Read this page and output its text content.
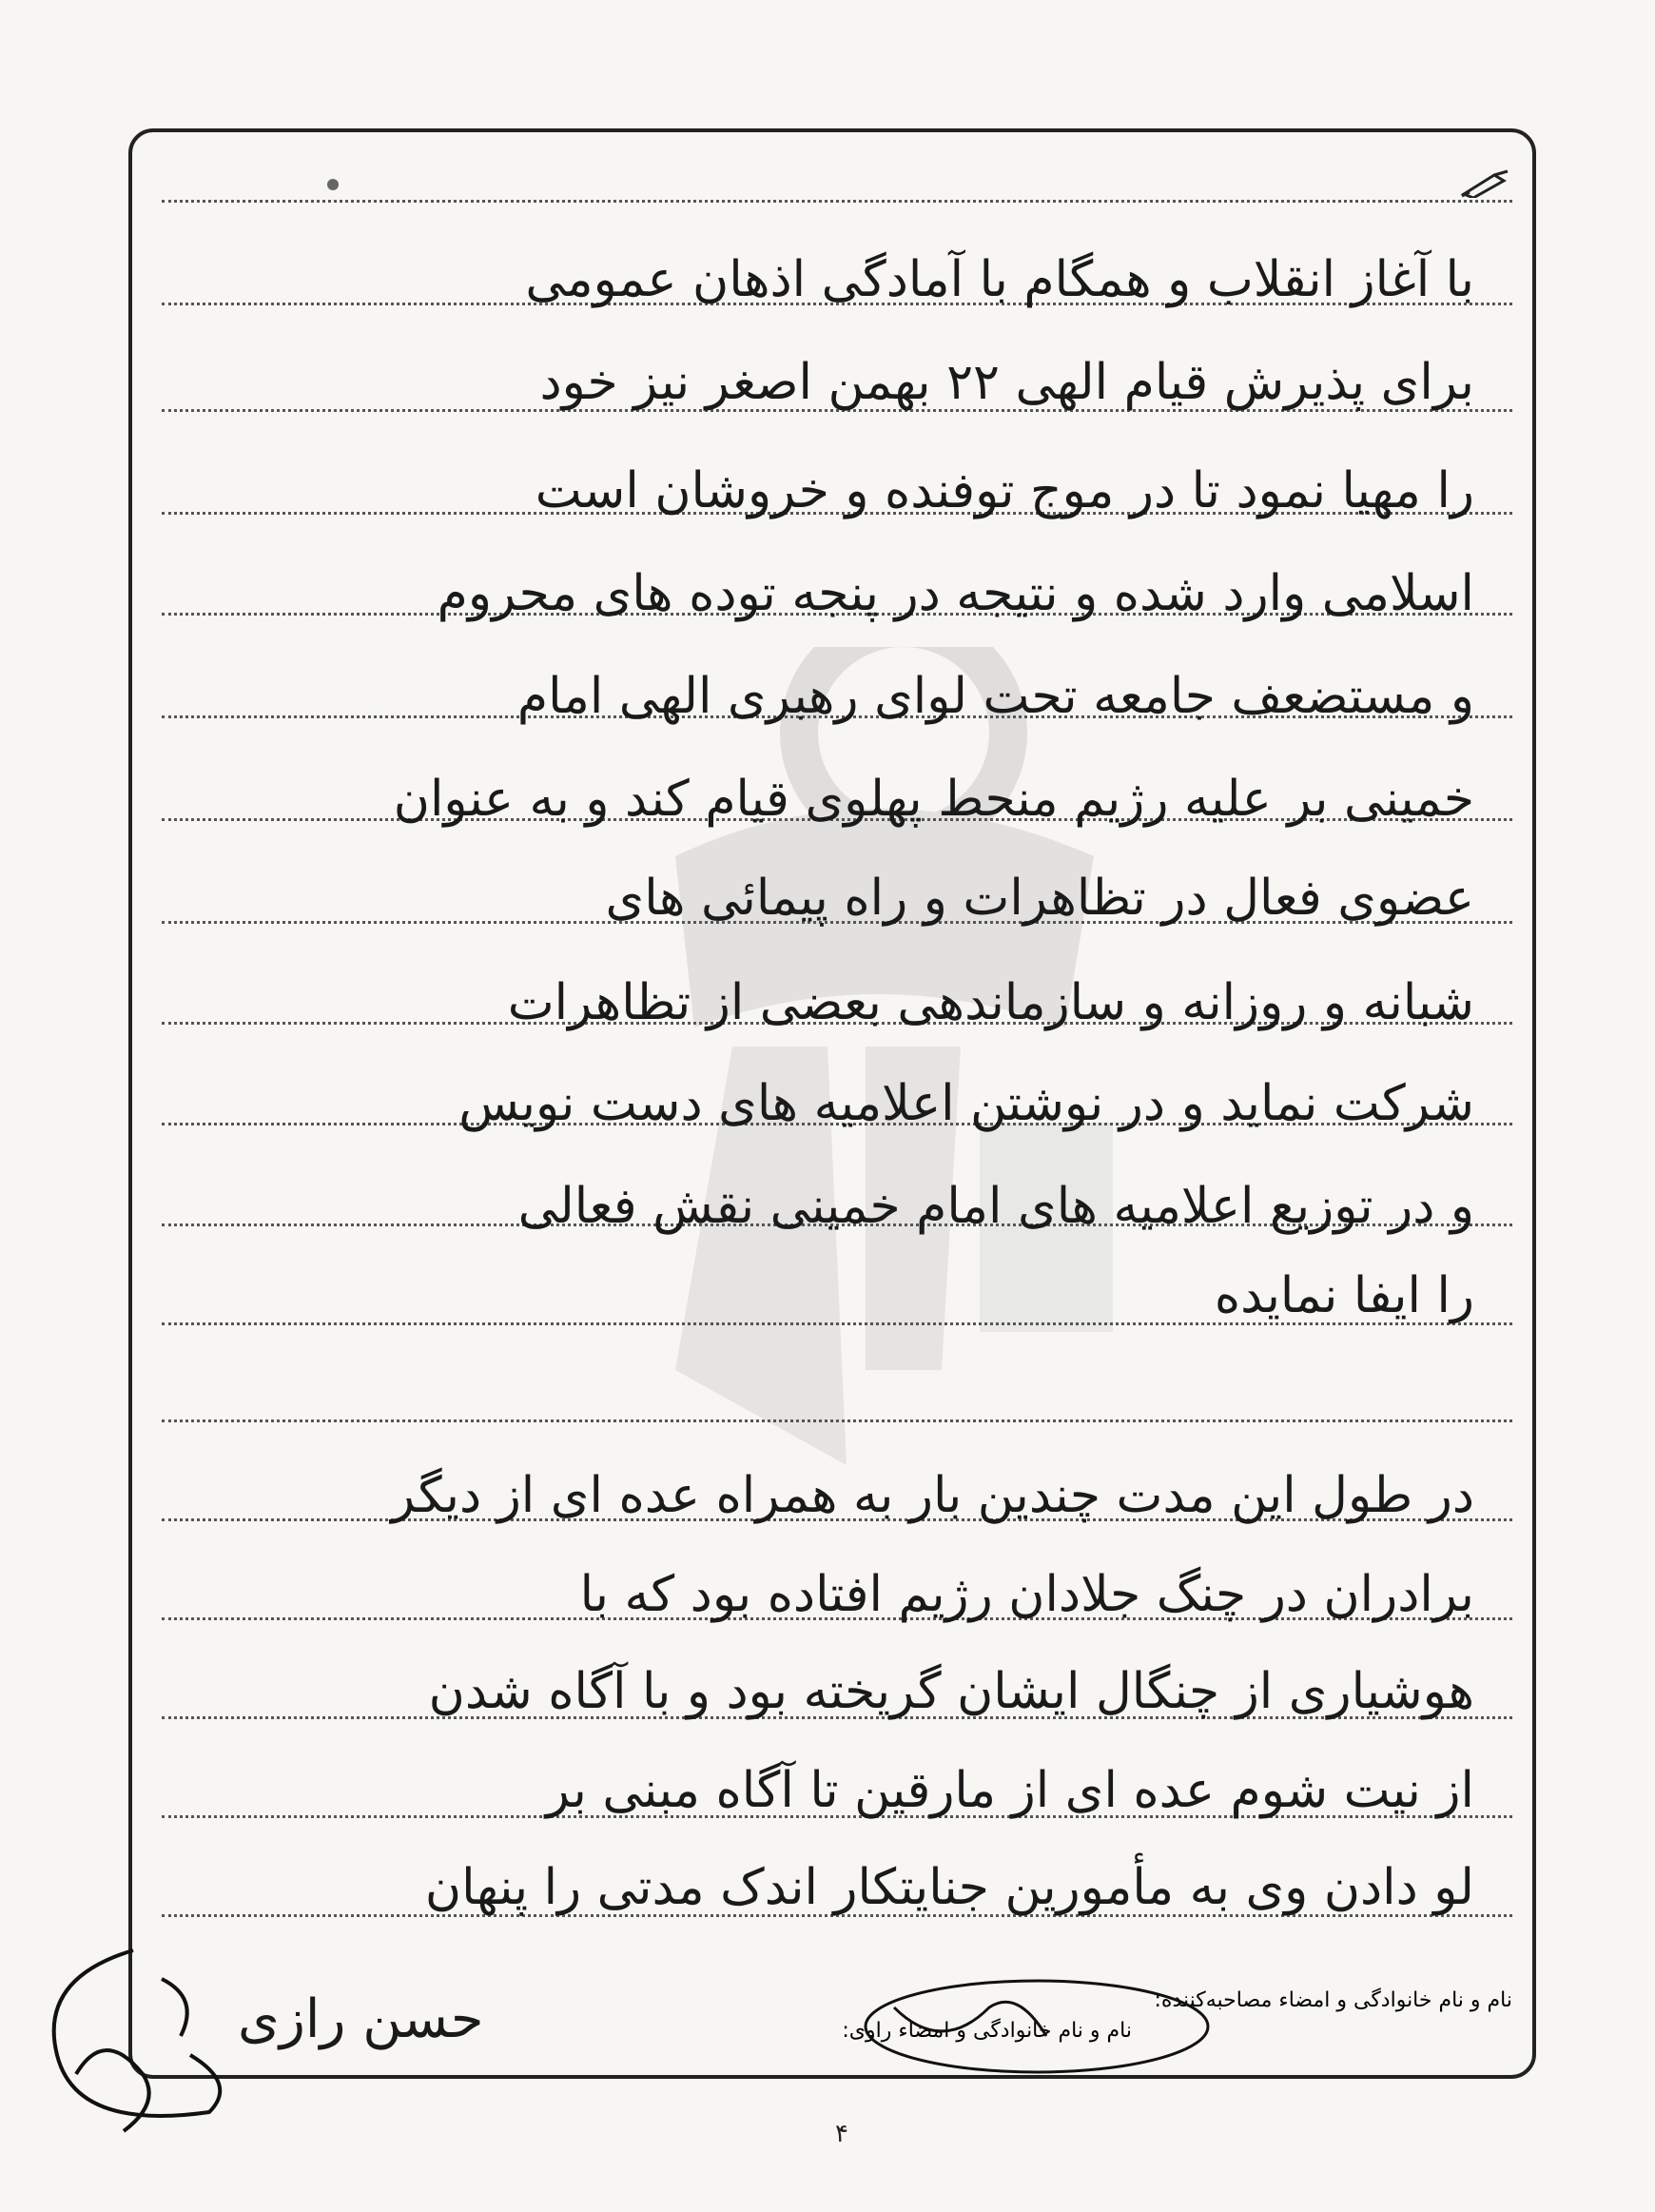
با آغاز انقلاب و همگام با آمادگی اذهان عمومی
برای پذیرش قیام الهی ۲۲ بهمن اصغر نیز خود
را مهیا نمود تا در موج توفنده و خروشان است
اسلامی وارد شده و نتیجه در پنجه توده های محروم
و مستضعف جامعه تحت لوای رهبری الهی امام
خمینی بر علیه رژیم منحط پهلوی قیام کند و به عنوان
عضوی فعال در تظاهرات و راه پیمائی های
شبانه و روزانه و سازماندهی بعضی از تظاهرات
شرکت نماید و در نوشتن اعلامیه های دست نویس
و در توزیع اعلامیه های امام خمینی نقش فعالی
را ایفا نمایده
در طول این مدت چندین بار به همراه عده ای از دیگر
برادران در چنگ جلادان رژیم افتاده بود که با
هوشیاری از چنگال ایشان گریخته بود و با آگاه شدن
از نیت شوم عده ای از مارقین تا آگاه مبنی بر
لو دادن وی به مأمورین جنایتکار اندک مدتی را پنهان
نام و نام خانوادگی و امضاء مصاحبه‌کننده:
نام و نام خانوادگی و امضاء راوی:
حسن رازی
۴
